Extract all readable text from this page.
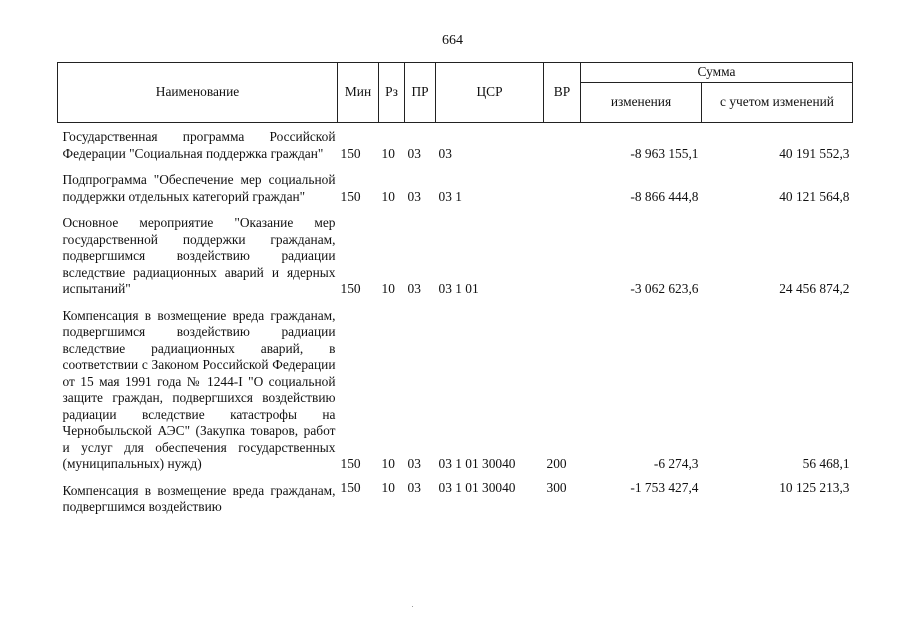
664
Наименование	Мин	Рз	ПР	ЦСР	ВР	Сумма	
						изменения	с учетом изменений
Государственная программа Российской Федерации "Социальная поддержка граждан"	150	10	03	03		-8 963 155,1	40 191 552,3
Подпрограмма "Обеспечение мер социальной поддержки отдельных категорий граждан"	150	10	03	03 1		-8 866 444,8	40 121 564,8
Основное мероприятие "Оказание мер государственной поддержки гражданам, подвергшимся воздействию радиации вследствие радиационных аварий и ядерных испытаний"	150	10	03	03 1 01		-3 062 623,6	24 456 874,2
Компенсация в возмещение вреда гражданам, подвергшимся воздействию радиации вследствие радиационных аварий, в соответствии с Законом Российской Федерации от 15 мая 1991 года № 1244-I "О социальной защите граждан, подвергшихся воздействию радиации вследствие катастрофы на Чернобыльской АЭС" (Закупка товаров, работ и услуг для обеспечения государственных (муниципальных) нужд)	150	10	03	03 1 01 30040	200	-6 274,3	56 468,1

Компенсация в возмещение вреда гражданам, подвергшимся воздействию	150	10	03	03 1 01 30040	300	-1 753 427,4	10 125 213,3
